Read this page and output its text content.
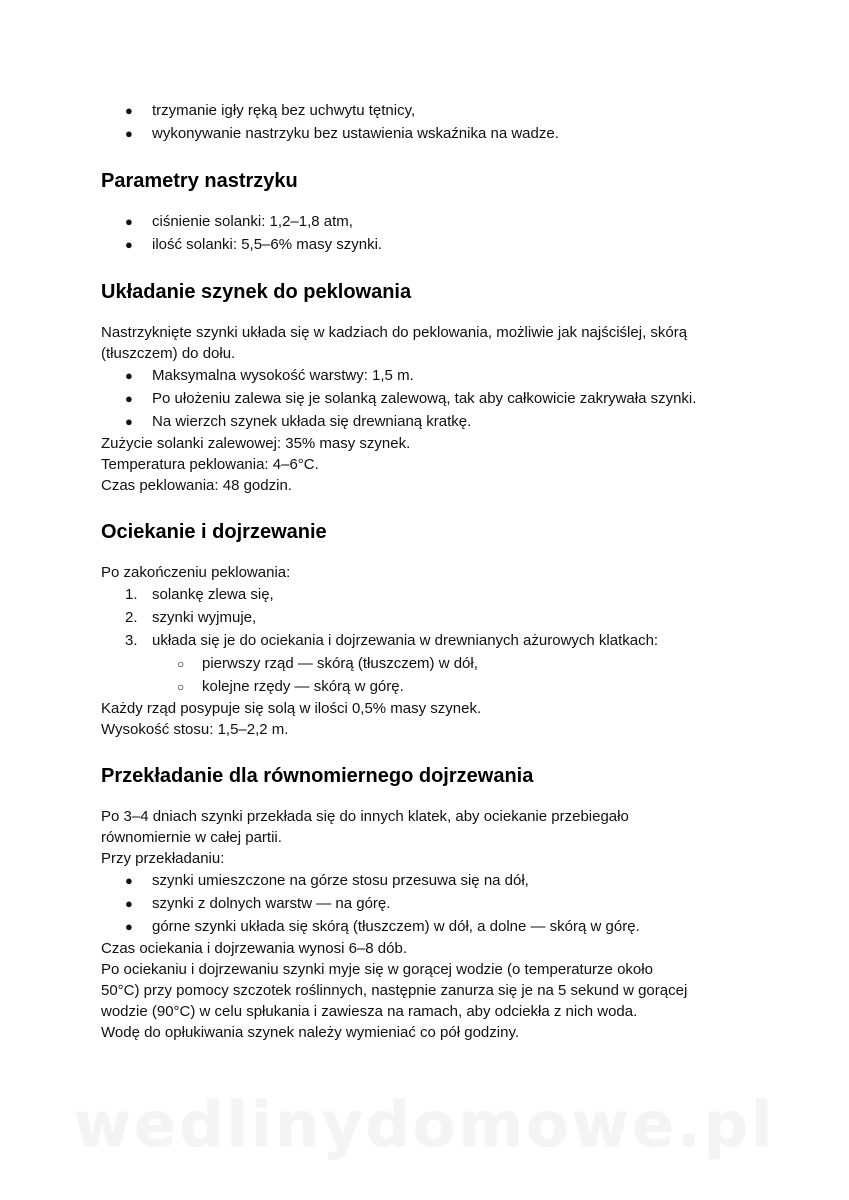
● trzymanie igły ręką bez uchwytu tętnicy,
● wykonywanie nastrzyku bez ustawienia wskaźnika na wadze.
Parametry nastrzyku
● ciśnienie solanki: 1,2–1,8 atm,
● ilość solanki: 5,5–6% masy szynki.
Układanie szynek do peklowania

Nastrzyknięte szynki układa się w kadziach do peklowania, możliwie jak najściślej, skórą
(tłuszczem) do dołu.

● Maksymalna wysokość warstwy: 1,5 m.
● Po ułożeniu zalewa się je solanką zalewową, tak aby całkowicie zakrywała szynki.
● Na wierzch szynek układa się drewnianą kratkę.

Zużycie solanki zalewowej: 35% masy szynek.

Temperatura peklowania: 4–6°C.

Czas peklowania: 48 godzin.

Ociekanie i dojrzewanie

Po zakończeniu peklowania:

1. solankę zlewa się,
2. szynki wyjmuje,
3. układa się je do ociekania i dojrzewania w drewnianych ażurowych klatkach:
○ pierwszy rząd — skórą (tłuszczem) w dół,
○ kolejne rzędy — skórą w górę.

Każdy rząd posypuje się solą w ilości 0,5% masy szynek.

Wysokość stosu: 1,5–2,2 m.

Przekładanie dla równomiernego dojrzewania

Po 3–4 dniach szynki przekłada się do innych klatek, aby ociekanie przebiegało
równomiernie w całej partii.

Przy przekładaniu:

● szynki umieszczone na górze stosu przesuwa się na dół,
● szynki z dolnych warstw — na górę.
● górne szynki układa się skórą (tłuszczem) w dół, a dolne — skórą w górę.

Czas ociekania i dojrzewania wynosi 6–8 dób.

Po ociekaniu i dojrzewaniu szynki myje się w gorącej wodzie (o temperaturze około
50°C) przy pomocy szczotek roślinnych, następnie zanurza się je na 5 sekund w gorącej
wodzie (90°C) w celu spłukania i zawiesza na ramach, aby odciekła z nich woda.
Wodę do opłukiwania szynek należy wymieniać co pół godziny.

wedlinydomowe.pl
